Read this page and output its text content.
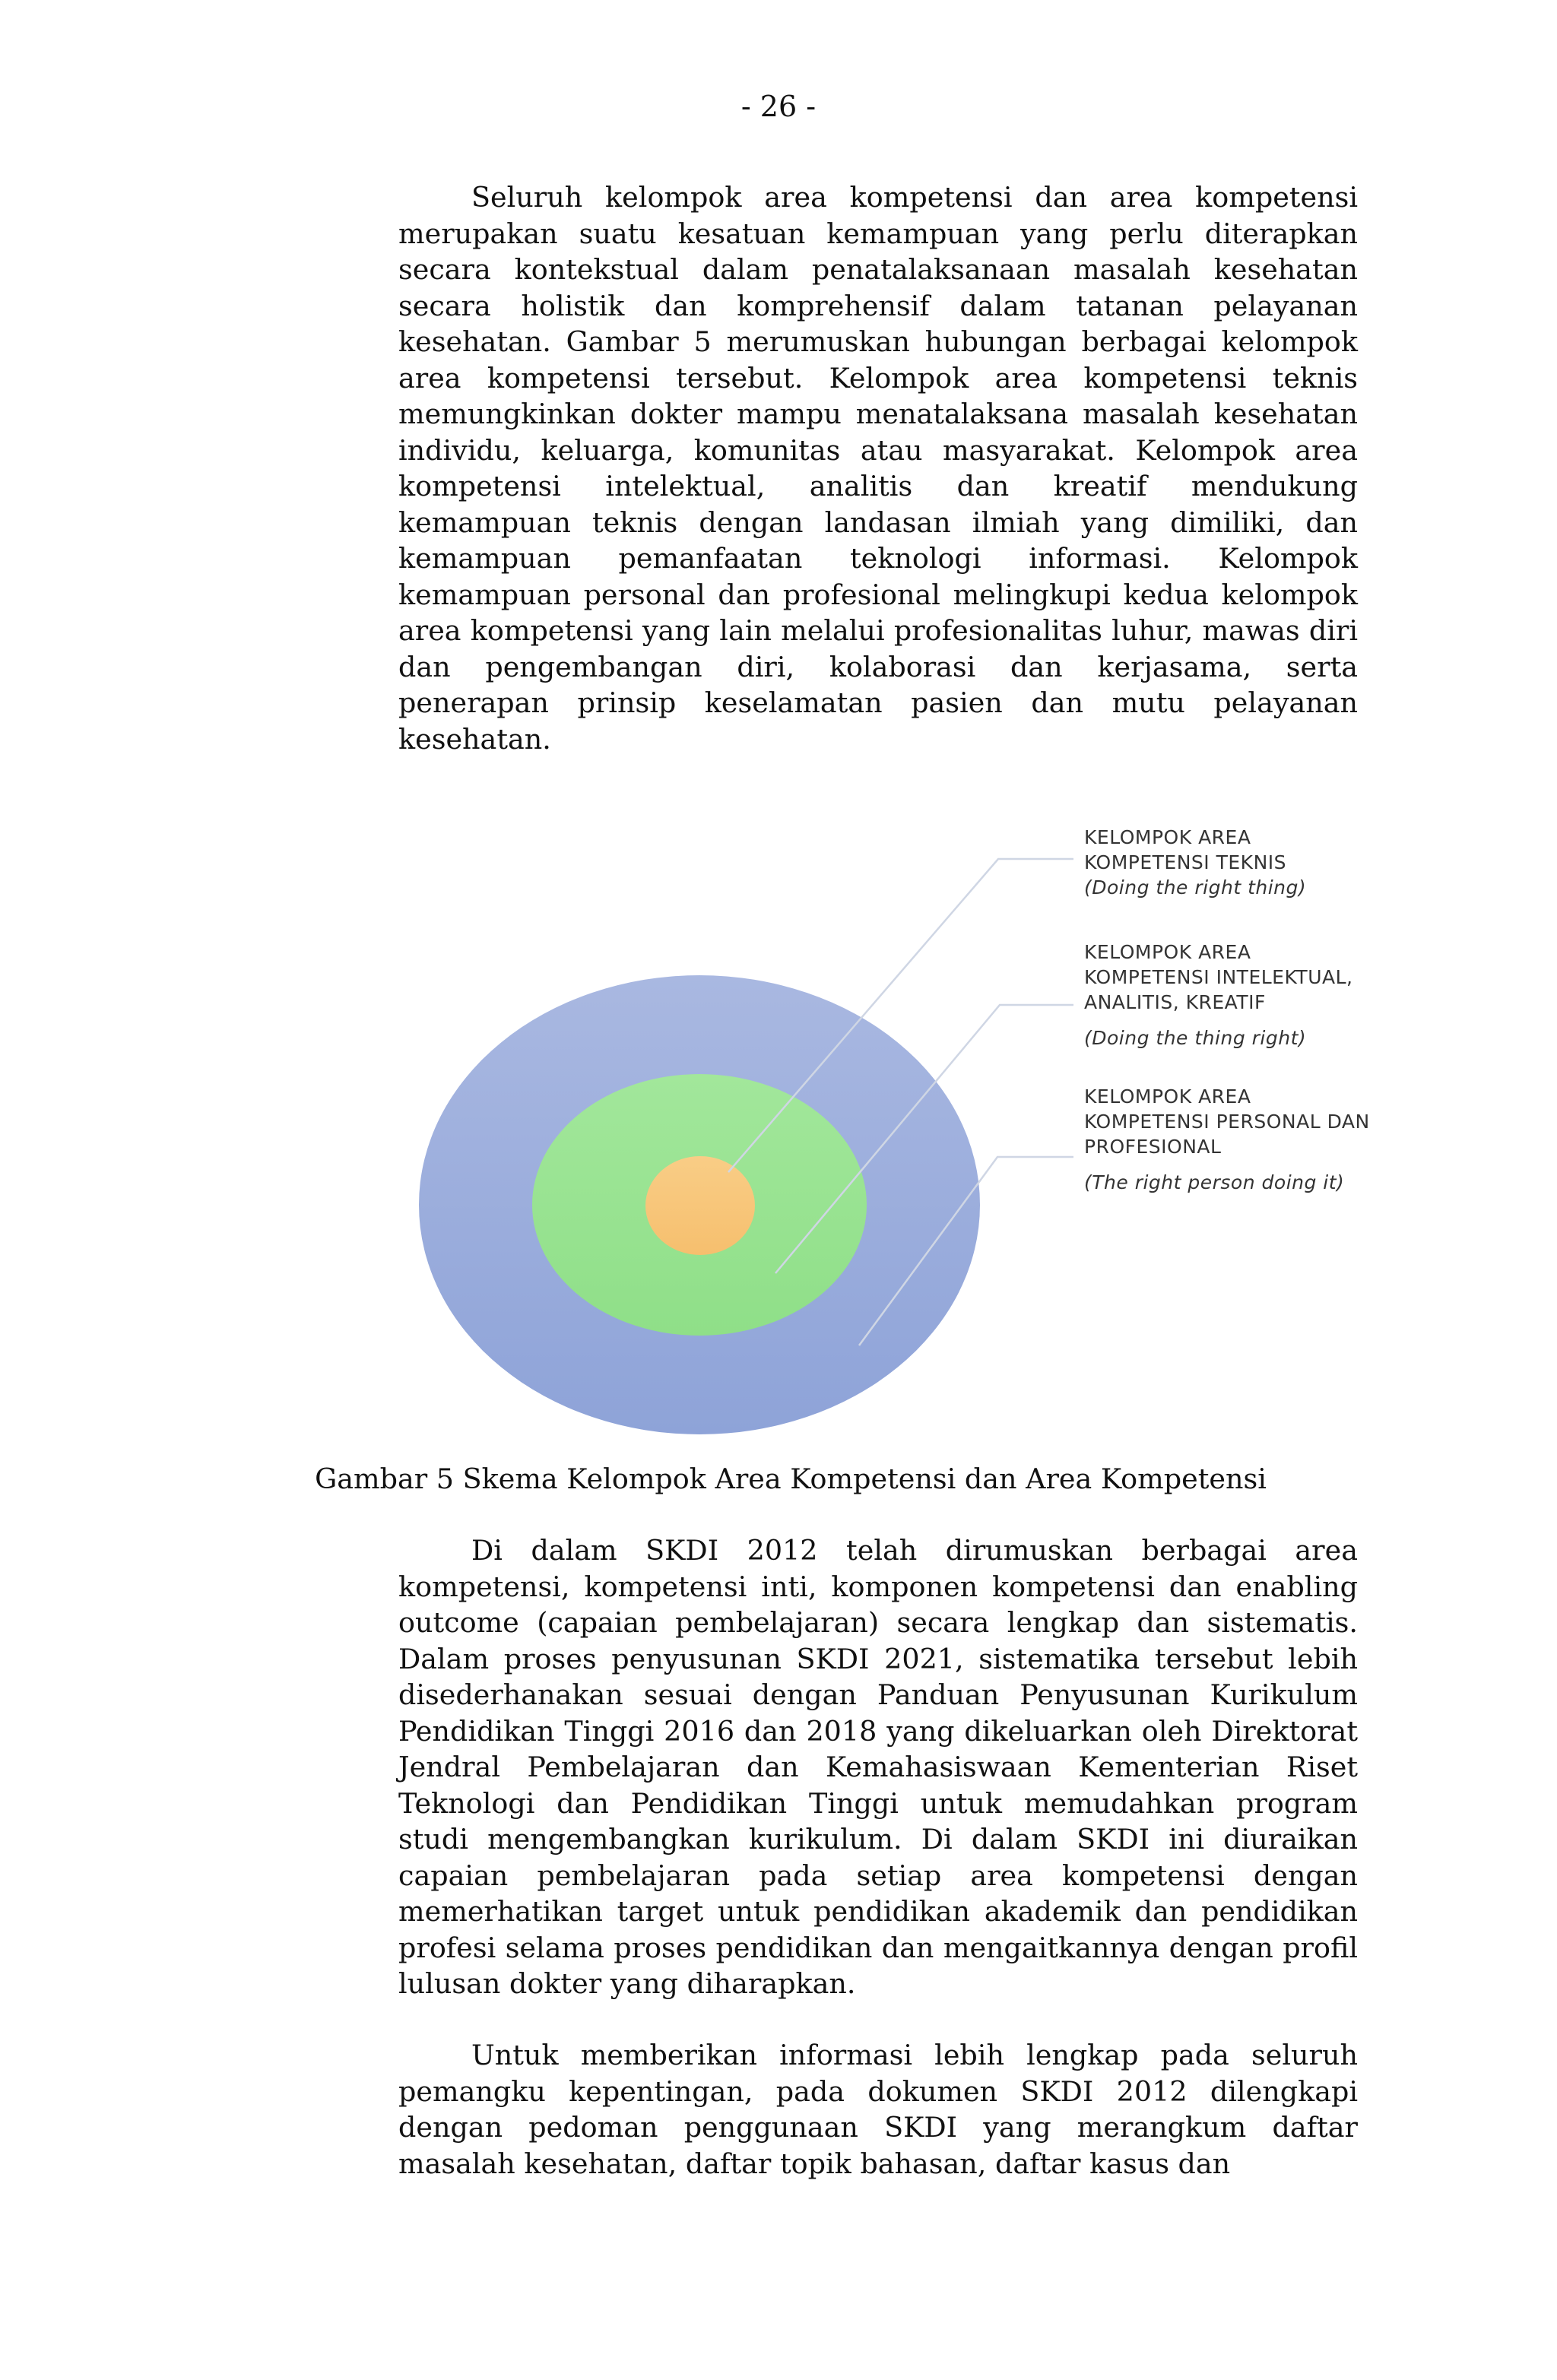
- 26 -

Seluruh kelompok area kompetensi dan area kompetensi merupakan suatu kesatuan kemampuan yang perlu diterapkan secara kontekstual dalam penatalaksanaan masalah kesehatan secara holistik dan komprehensif dalam tatanan pelayanan kesehatan. Gambar 5 merumuskan hubungan berbagai kelompok area kompetensi tersebut. Kelompok area kompetensi teknis memungkinkan dokter mampu menatalaksana masalah kesehatan individu, keluarga, komunitas atau masyarakat. Kelompok area kompetensi intelektual, analitis dan kreatif mendukung kemampuan teknis dengan landasan ilmiah yang dimiliki, dan kemampuan pemanfaatan teknologi informasi. Kelompok kemampuan personal dan profesional melingkupi kedua kelompok area kompetensi yang lain melalui profesionalitas luhur, mawas diri dan pengembangan diri, kolaborasi dan kerjasama, serta penerapan prinsip keselamatan pasien dan mutu pelayanan kesehatan.

KELOMPOK AREA KOMPETENSI TEKNIS
(Doing the right thing)
KELOMPOK AREA KOMPETENSI INTELEKTUAL, ANALITIS, KREATIF
(Doing the thing right)
KELOMPOK AREA KOMPETENSI PERSONAL DAN PROFESIONAL
(The right person doing it)
Gambar 5 Skema Kelompok Area Kompetensi dan Area Kompetensi

Di dalam SKDI 2012 telah dirumuskan berbagai area kompetensi, kompetensi inti, komponen kompetensi dan enabling outcome (capaian pembelajaran) secara lengkap dan sistematis. Dalam proses penyusunan SKDI 2021, sistematika tersebut lebih disederhanakan sesuai dengan Panduan Penyusunan Kurikulum Pendidikan Tinggi 2016 dan 2018 yang dikeluarkan oleh Direktorat Jendral Pembelajaran dan Kemahasiswaan Kementerian Riset Teknologi dan Pendidikan Tinggi untuk memudahkan program studi mengembangkan kurikulum. Di dalam SKDI ini diuraikan capaian pembelajaran pada setiap area kompetensi dengan memerhatikan target untuk pendidikan akademik dan pendidikan profesi selama proses pendidikan dan mengaitkannya dengan profil lulusan dokter yang diharapkan.

Untuk memberikan informasi lebih lengkap pada seluruh pemangku kepentingan, pada dokumen SKDI 2012 dilengkapi dengan pedoman penggunaan SKDI yang merangkum daftar masalah kesehatan, daftar topik bahasan, daftar kasus dan
